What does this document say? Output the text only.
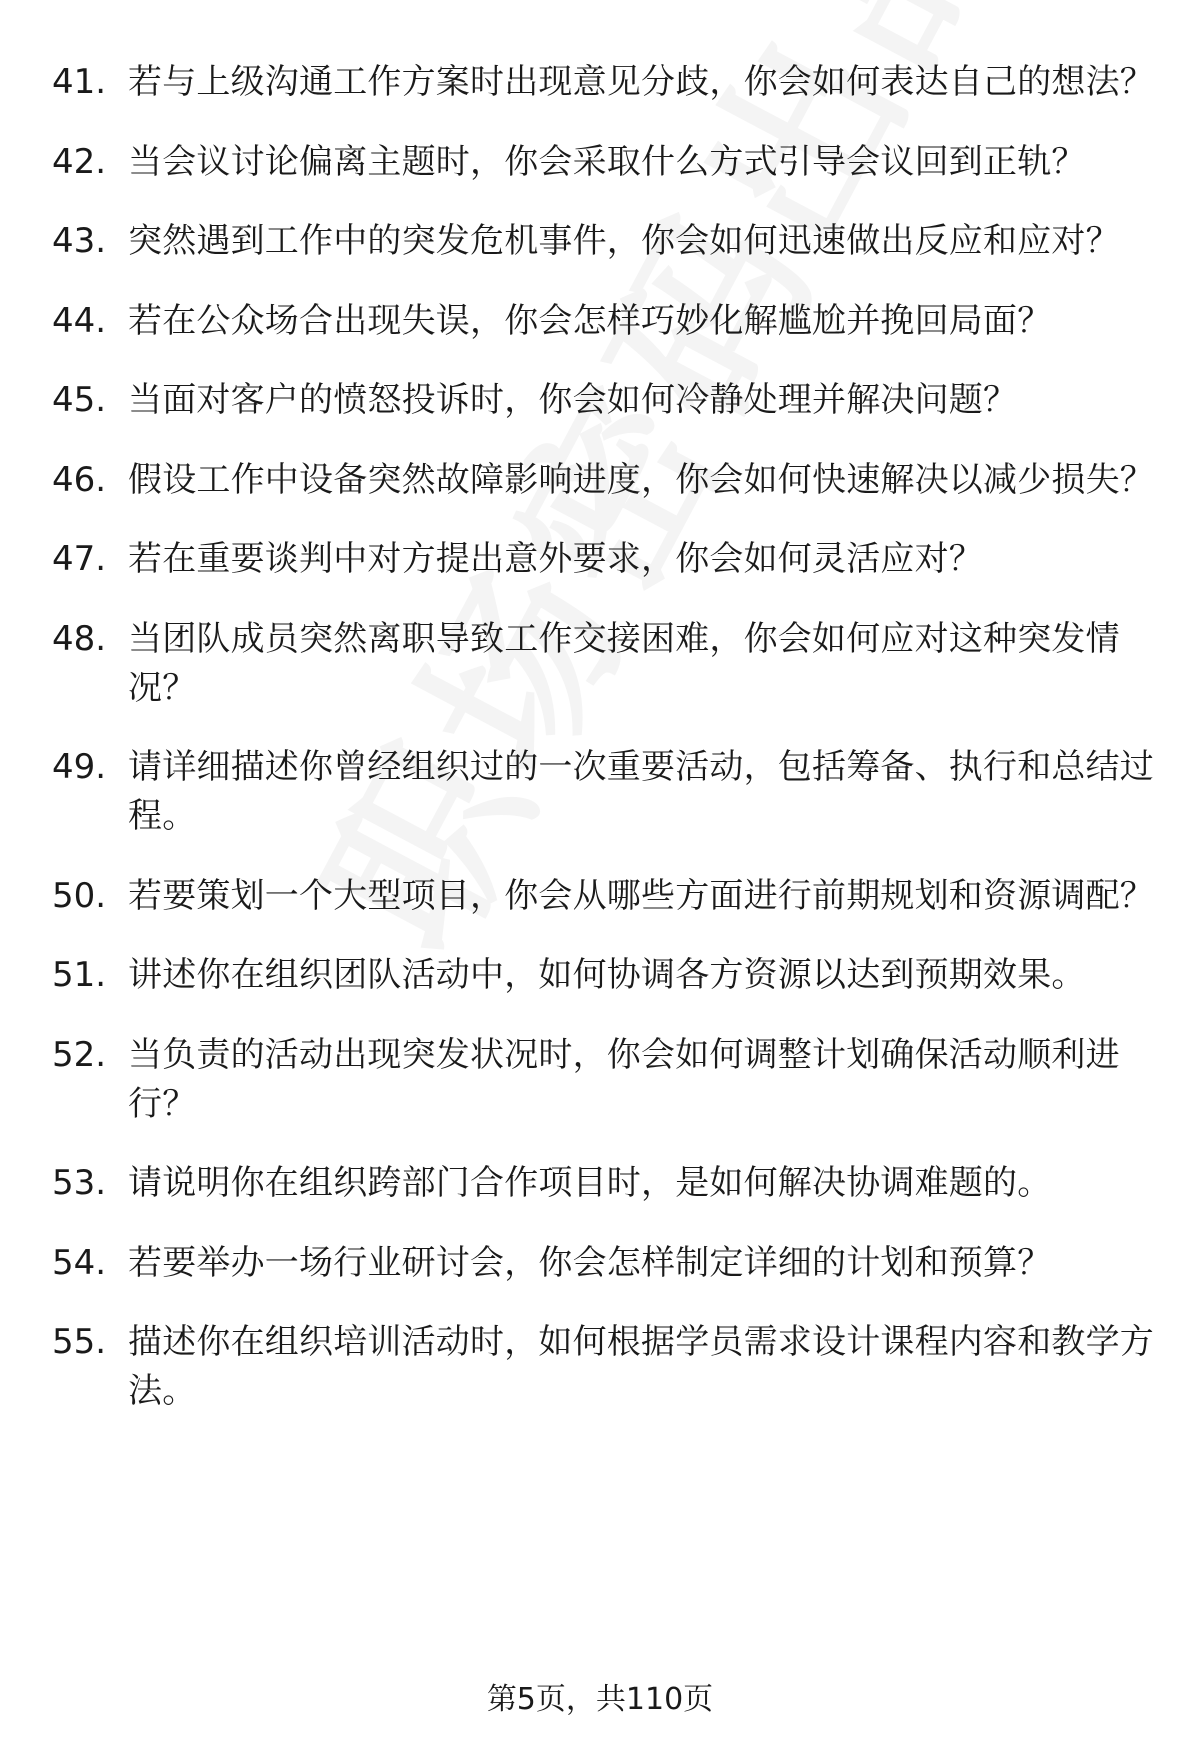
41. 若与上级沟通工作方案时出现意见分歧，你会如何表达自己的想法？
42. 当会议讨论偏离主题时，你会采取什么方式引导会议回到正轨？
43. 突然遇到工作中的突发危机事件，你会如何迅速做出反应和应对？
44. 若在公众场合出现失误，你会怎样巧妙化解尴尬并挽回局面？
45. 当面对客户的愤怒投诉时，你会如何冷静处理并解决问题？
46. 假设工作中设备突然故障影响进度，你会如何快速解决以减少损失？
47. 若在重要谈判中对方提出意外要求，你会如何灵活应对？
48. 当团队成员突然离职导致工作交接困难，你会如何应对这种突发情况？
49. 请详细描述你曾经组织过的一次重要活动，包括筹备、执行和总结过程。
50. 若要策划一个大型项目，你会从哪些方面进行前期规划和资源调配？
51. 讲述你在组织团队活动中，如何协调各方资源以达到预期效果。
52. 当负责的活动出现突发状况时，你会如何调整计划确保活动顺利进行？
53. 请说明你在组织跨部门合作项目时，是如何解决协调难题的。
54. 若要举办一场行业研讨会，你会怎样制定详细的计划和预算？
55. 描述你在组织培训活动时，如何根据学员需求设计课程内容和教学方法。
第5页，共110页
